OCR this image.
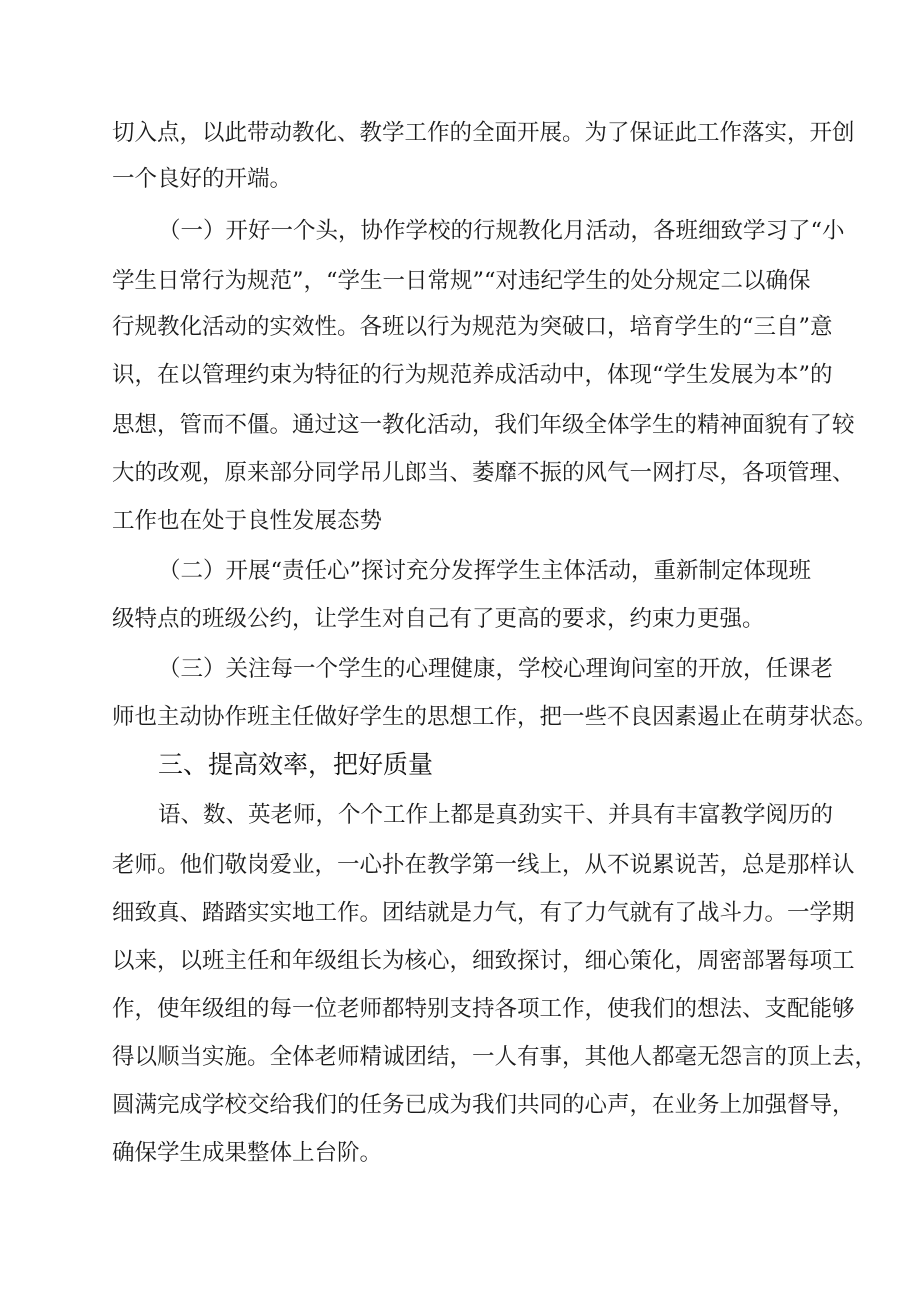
切入点，以此带动教化、教学工作的全面开展。为了保证此工作落实，开创
一个良好的开端。
（一）开好一个头，协作学校的行规教化月活动，各班细致学习了“小
学生日常行为规范”，“学生一日常规”“对违纪学生的处分规定二以确保
行规教化活动的实效性。各班以行为规范为突破口，培育学生的“三自”意
识，在以管理约束为特征的行为规范养成活动中，体现“学生发展为本”的
思想，管而不僵。通过这一教化活动，我们年级全体学生的精神面貌有了较
大的改观，原来部分同学吊儿郎当、萎靡不振的风气一网打尽，各项管理、
工作也在处于良性发展态势
（二）开展“责任心”探讨充分发挥学生主体活动，重新制定体现班
级特点的班级公约，让学生对自己有了更高的要求，约束力更强。
（三）关注每一个学生的心理健康，学校心理询问室的开放，任课老
师也主动协作班主任做好学生的思想工作，把一些不良因素遏止在萌芽状态。
三、提高效率，把好质量
语、数、英老师，个个工作上都是真劲实干、并具有丰富教学阅历的
老师。他们敬岗爱业，一心扑在教学第一线上，从不说累说苦，总是那样认
细致真、踏踏实实地工作。团结就是力气，有了力气就有了战斗力。一学期
以来，以班主任和年级组长为核心，细致探讨，细心策化，周密部署每项工
作，使年级组的每一位老师都特别支持各项工作，使我们的想法、支配能够
得以顺当实施。全体老师精诚团结，一人有事，其他人都毫无怨言的顶上去，
圆满完成学校交给我们的任务已成为我们共同的心声，在业务上加强督导，
确保学生成果整体上台阶。
